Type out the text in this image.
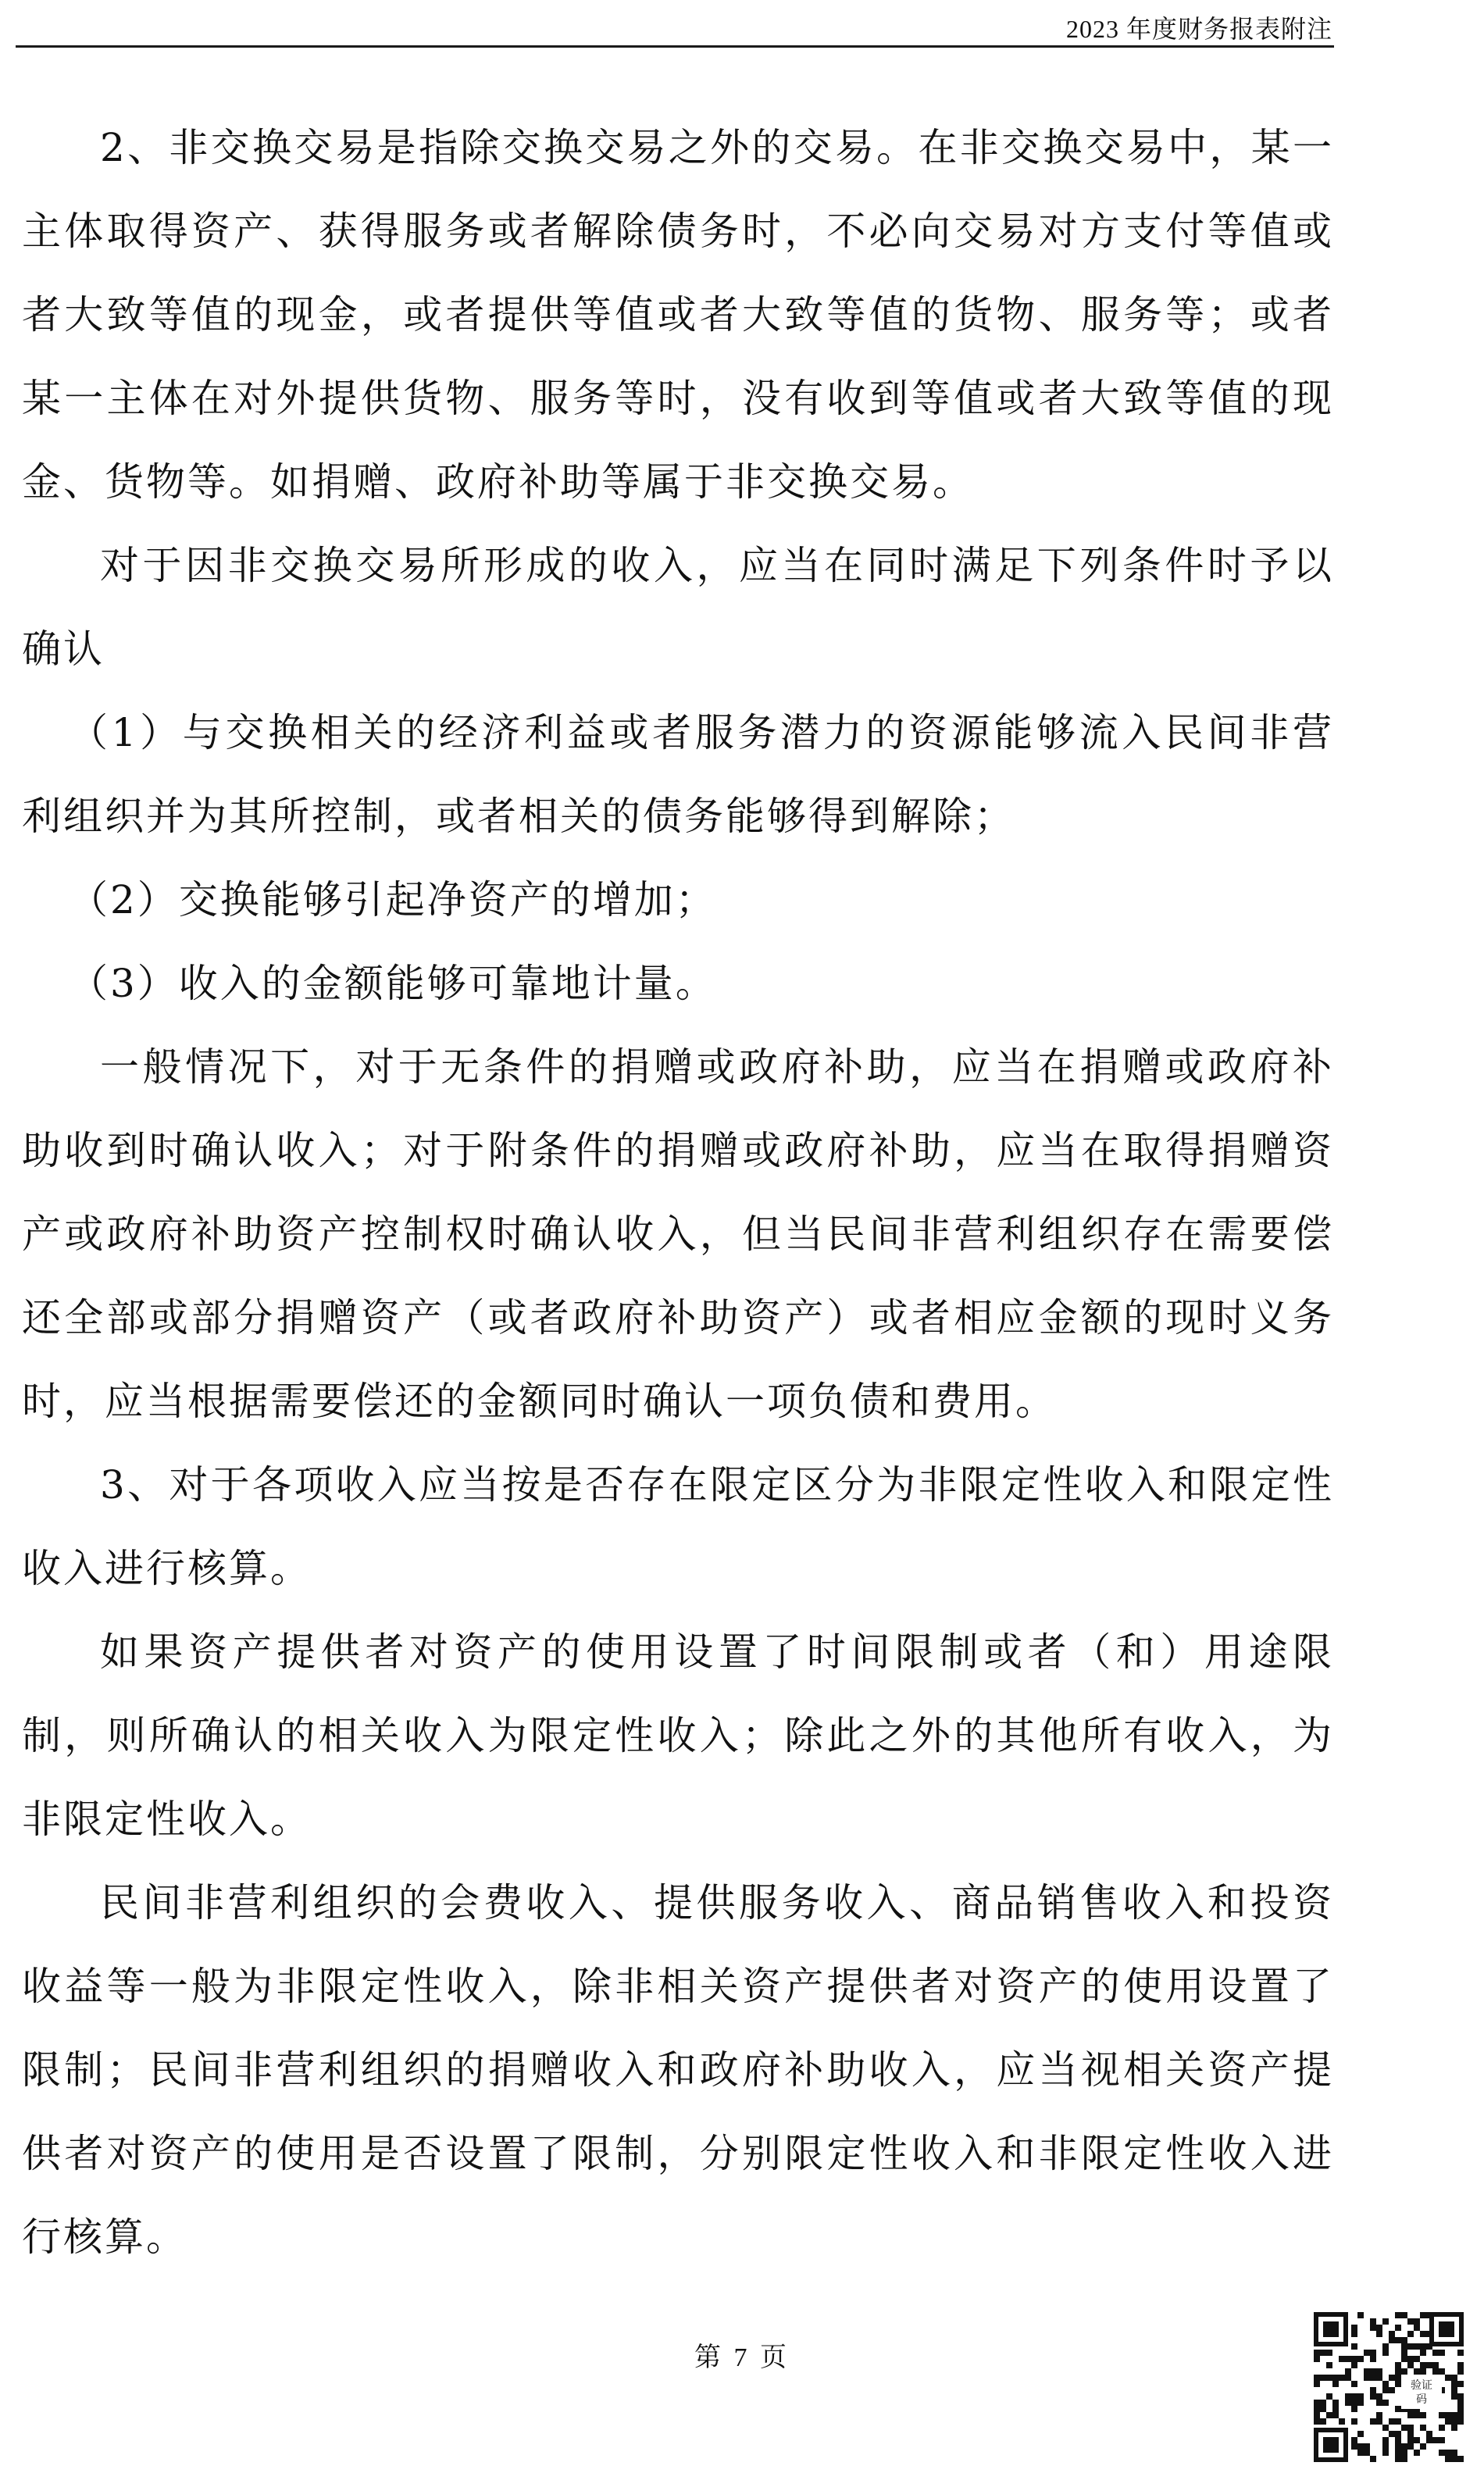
2023 年度财务报表附注

2、非交换交易是指除交换交易之外的交易。在非交换交易中，某一主体取得资产、获得服务或者解除债务时，不必向交易对方支付等值或者大致等值的现金，或者提供等值或者大致等值的货物、服务等；或者某一主体在对外提供货物、服务等时，没有收到等值或者大致等值的现金、货物等。如捐赠、政府补助等属于非交换交易。

对于因非交换交易所形成的收入，应当在同时满足下列条件时予以确认

（1）与交换相关的经济利益或者服务潜力的资源能够流入民间非营利组织并为其所控制，或者相关的债务能够得到解除；

（2）交换能够引起净资产的增加；

（3）收入的金额能够可靠地计量。

一般情况下，对于无条件的捐赠或政府补助，应当在捐赠或政府补助收到时确认收入；对于附条件的捐赠或政府补助，应当在取得捐赠资产或政府补助资产控制权时确认收入，但当民间非营利组织存在需要偿还全部或部分捐赠资产（或者政府补助资产）或者相应金额的现时义务时，应当根据需要偿还的金额同时确认一项负债和费用。

3、对于各项收入应当按是否存在限定区分为非限定性收入和限定性收入进行核算。

如果资产提供者对资产的使用设置了时间限制或者（和）用途限制，则所确认的相关收入为限定性收入；除此之外的其他所有收入，为非限定性收入。

民间非营利组织的会费收入、提供服务收入、商品销售收入和投资收益等一般为非限定性收入，除非相关资产提供者对资产的使用设置了限制；民间非营利组织的捐赠收入和政府补助收入，应当视相关资产提供者对资产的使用是否设置了限制，分别限定性收入和非限定性收入进行核算。

第 7 页
验证
码
